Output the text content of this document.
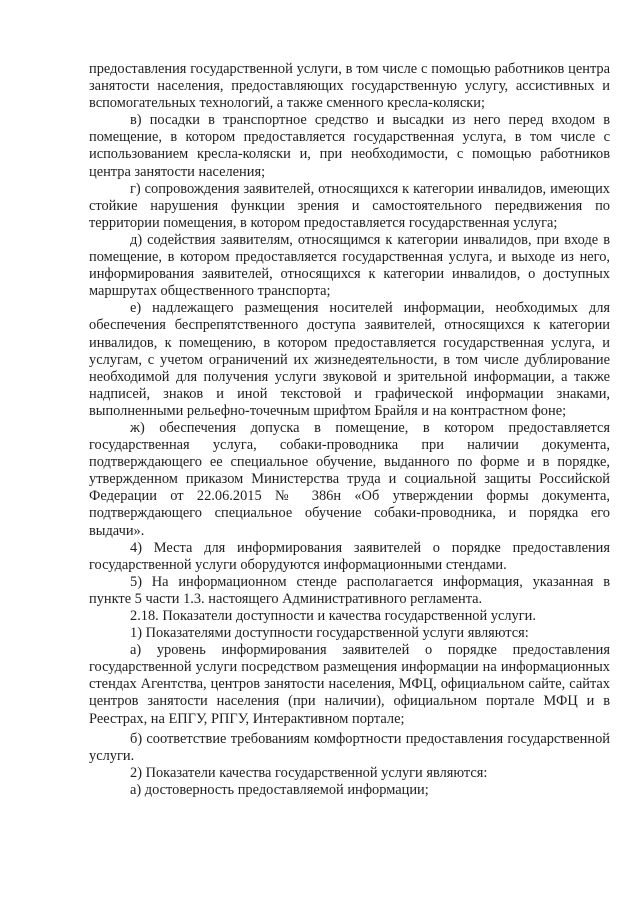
предоставления государственной услуги, в том числе с помощью работников центра занятости населения, предоставляющих государственную услугу, ассистивных и вспомогательных технологий, а также сменного кресла-коляски;

в) посадки в транспортное средство и высадки из него перед входом в помещение, в котором предоставляется государственная услуга, в том числе с использованием кресла-коляски и, при необходимости, с помощью работников центра занятости населения;

г) сопровождения заявителей, относящихся к категории инвалидов, имеющих стойкие нарушения функции зрения и самостоятельного передвижения по территории помещения, в котором предоставляется государственная услуга;

д) содействия заявителям, относящимся к категории инвалидов, при входе в помещение, в котором предоставляется государственная услуга, и выходе из него, информирования заявителей, относящихся к категории инвалидов, о доступных маршрутах общественного транспорта;

е) надлежащего размещения носителей информации, необходимых для обеспечения беспрепятственного доступа заявителей, относящихся к категории инвалидов, к помещению, в котором предоставляется государственная услуга, и услугам, с учетом ограничений их жизнедеятельности, в том числе дублирование необходимой для получения услуги звуковой и зрительной информации, а также надписей, знаков и иной текстовой и графической информации знаками, выполненными рельефно-точечным шрифтом Брайля и на контрастном фоне;

ж) обеспечения допуска в помещение, в котором предоставляется государственная услуга, собаки-проводника при наличии документа, подтверждающего ее специальное обучение, выданного по форме и в порядке, утвержденном приказом Министерства труда и социальной защиты Российской Федерации от 22.06.2015 № 386н «Об утверждении формы документа, подтверждающего специальное обучение собаки-проводника, и порядка его выдачи».

4) Места для информирования заявителей о порядке предоставления государственной услуги оборудуются информационными стендами.

5) На информационном стенде располагается информация, указанная в пункте 5 части 1.3. настоящего Административного регламента.

2.18. Показатели доступности и качества государственной услуги.

1) Показателями доступности государственной услуги являются:

а) уровень информирования заявителей о порядке предоставления государственной услуги посредством размещения информации на информационных стендах Агентства, центров занятости населения, МФЦ, официальном сайте, сайтах центров занятости населения (при наличии), официальном портале МФЦ и в Реестрах, на ЕПГУ, РПГУ, Интерактивном портале;

б) соответствие требованиям комфортности предоставления государственной услуги.

2) Показатели качества государственной услуги являются:

а) достоверность предоставляемой информации;
